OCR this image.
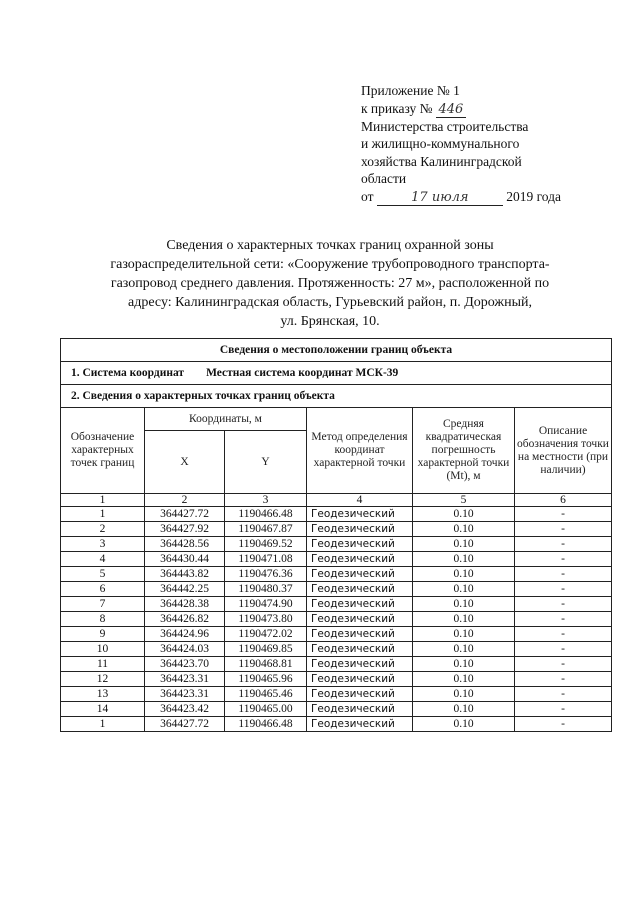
Приложение № 1
к приказу № 446
Министерства строительства
и жилищно-коммунального
хозяйства Калининградской
области
от	17 июля	2019 года
Сведения о характерных точках границ охранной зоны
газораспределительной сети: «Сооружение трубопроводного транспорта-
газопровод среднего давления. Протяженность: 27 м», расположенной по
адресу: Калининградская область, Гурьевский район, п. Дорожный,
ул. Брянская, 10.
Сведения о местоположении границ объекта					
1. Система координат Местная система координат МСК-39					
2. Сведения о характерных точках границ объекта					
Обозначение характерных точек границ	Координаты, м		Метод определения координат характерной точки	Средняя квадратическая погрешность характерной точки (Mt), м	Описание обозначения точки на местности (при наличии)
	X	Y			
1	2	3	4	5	6
1	364427.72	1190466.48	Геодезический	0.10	-
2	364427.92	1190467.87	Геодезический	0.10	-
3	364428.56	1190469.52	Геодезический	0.10	-
4	364430.44	1190471.08	Геодезический	0.10	-
5	364443.82	1190476.36	Геодезический	0.10	-
6	364442.25	1190480.37	Геодезический	0.10	-
7	364428.38	1190474.90	Геодезический	0.10	-
8	364426.82	1190473.80	Геодезический	0.10	-
9	364424.96	1190472.02	Геодезический	0.10	-
10	364424.03	1190469.85	Геодезический	0.10	-
11	364423.70	1190468.81	Геодезический	0.10	-
12	364423.31	1190465.96	Геодезический	0.10	-
13	364423.31	1190465.46	Геодезический	0.10	-
14	364423.42	1190465.00	Геодезический	0.10	-
1	364427.72	1190466.48	Геодезический	0.10	-
